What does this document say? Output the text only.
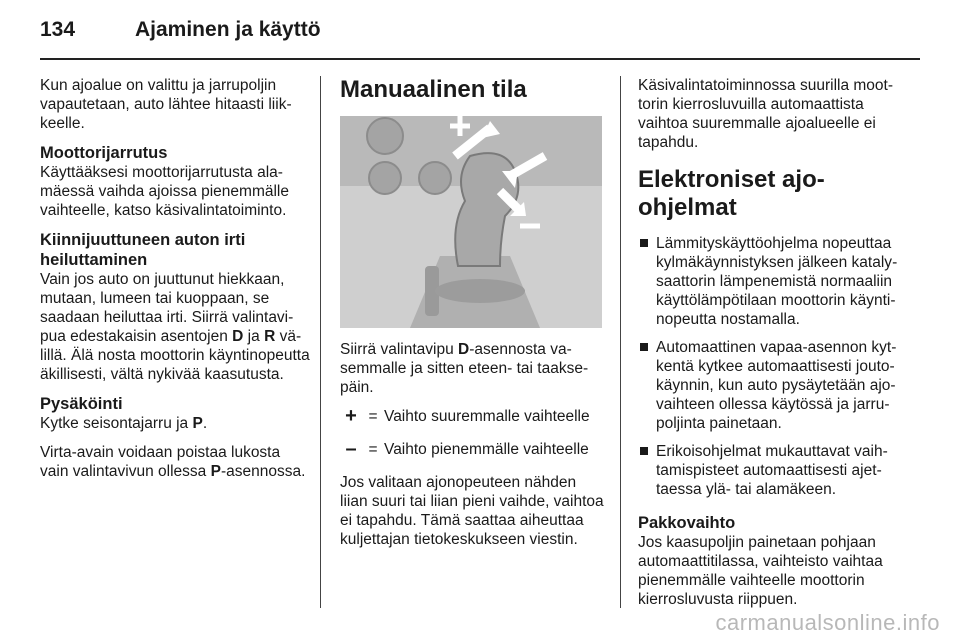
134	Ajaminen ja käyttö

Kun ajoalue on valittu ja jarrupoljin vapautetaan, auto lähtee hitaasti liikkeelle.

Moottorijarrutus

Käyttääksesi moottorijarrutusta alamäessä vaihda ajoissa pienemmälle vaihteelle, katso käsivalintatoiminto.

Kiinnijuuttuneen auton irti heiluttaminen

Vain jos auto on juuttunut hiekkaan, mutaan, lumeen tai kuoppaan, se saadaan heiluttaa irti. Siirrä valintavipua edestakaisin asentojen D ja R välillä. Älä nosta moottorin käyntinopeutta äkillisesti, vältä nykivää kaasutusta.

Pysäköinti

Kytke seisontajarru ja P.

Virta-avain voidaan poistaa lukosta vain valintavivun ollessa P-asennossa.

Manuaalinen tila

Siirrä valintavipu D-asennosta vasemmalle ja sitten eteen- tai taaksepäin.

+ = Vaihto suuremmalle vaihteelle
– = Vaihto pienemmälle vaihteelle

Jos valitaan ajonopeuteen nähden liian suuri tai liian pieni vaihde, vaihtoa ei tapahdu. Tämä saattaa aiheuttaa kuljettajan tietokeskukseen viestin.

Käsivalintatoiminnossa suurilla moottorin kierrosluvuilla automaattista vaihtoa suuremmalle ajoalueelle ei tapahdu.

Elektroniset ajo-ohjelmat
Lämmityskäyttöohjelma nopeuttaa kylmäkäynnistyksen jälkeen katalysaattorin lämpenemistä normaaliin käyttölämpötilaan moottorin käyntinopeutta nostamalla.
Automaattinen vapaa-asennon kytkentä kytkee automaattisesti joutokäynnin, kun auto pysäytetään ajovaihteen ollessa käytössä ja jarrupoljinta painetaan.
Erikoisohjelmat mukauttavat vaihtamispisteet automaattisesti ajettaessa ylä- tai alamäkeen.
Pakkovaihto

Jos kaasupoljin painetaan pohjaan automaattitilassa, vaihteisto vaihtaa pienemmälle vaihteelle moottorin kierrosluvusta riippuen.

carmanualsonline.info
